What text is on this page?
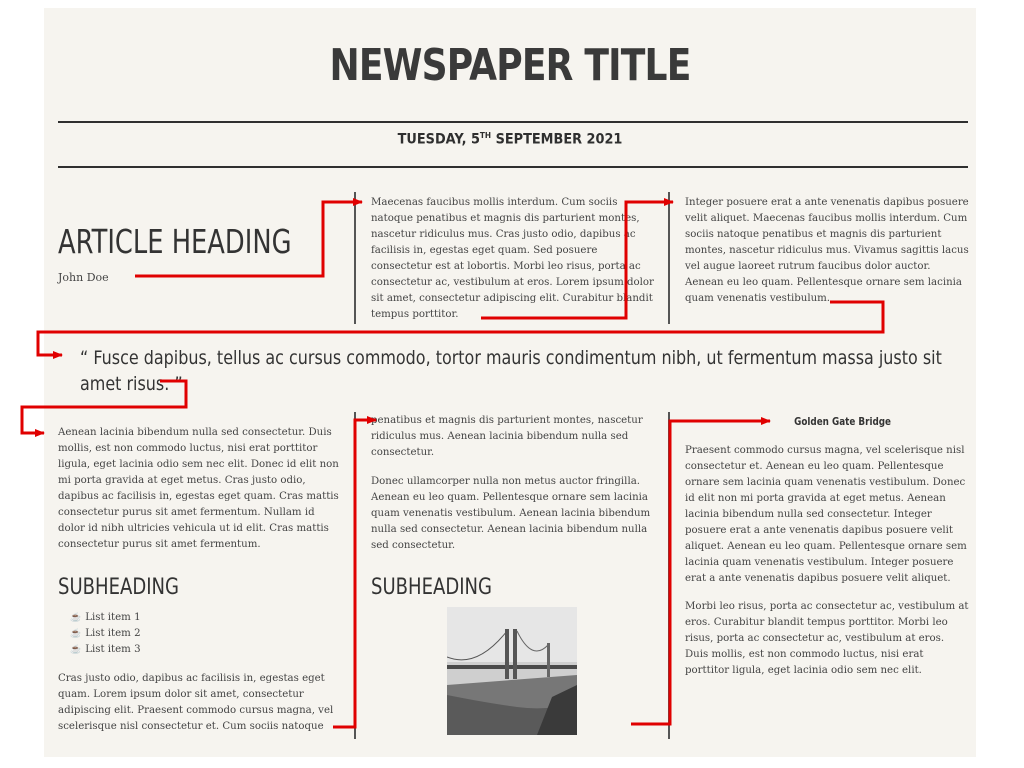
NEWSPAPER TITLE
TUESDAY, 5TH SEPTEMBER 2021
ARTICLE HEADING
John Doe
Maecenas faucibus mollis interdum. Cum sociis natoque penatibus et magnis dis parturient montes, nascetur ridiculus mus. Cras justo odio, dapibus ac facilisis in, egestas eget quam. Sed posuere consectetur est at lobortis. Morbi leo risus, porta ac consectetur ac, vestibulum at eros. Lorem ipsum dolor sit amet, consectetur adipiscing elit. Curabitur blandit tempus porttitor.
Integer posuere erat a ante venenatis dapibus posuere velit aliquet. Maecenas faucibus mollis interdum. Cum sociis natoque penatibus et magnis dis parturient montes, nascetur ridiculus mus. Vivamus sagittis lacus vel augue laoreet rutrum faucibus dolor auctor. Aenean eu leo quam. Pellentesque ornare sem lacinia quam venenatis vestibulum.
“ Fusce dapibus, tellus ac cursus commodo, tortor mauris condimentum nibh, ut fermentum massa justo sit amet risus. ”
Aenean lacinia bibendum nulla sed consectetur. Duis mollis, est non commodo luctus, nisi erat porttitor ligula, eget lacinia odio sem nec elit. Donec id elit non mi porta gravida at eget metus. Cras justo odio, dapibus ac facilisis in, egestas eget quam. Cras mattis consectetur purus sit amet fermentum. Nullam id dolor id nibh ultricies vehicula ut id elit. Cras mattis consectetur purus sit amet fermentum.
SUBHEADING
☕ List item 1
☕ List item 2
☕ List item 3
Cras justo odio, dapibus ac facilisis in, egestas eget quam. Lorem ipsum dolor sit amet, consectetur adipiscing elit. Praesent commodo cursus magna, vel scelerisque nisl consectetur et. Cum sociis natoque
penatibus et magnis dis parturient montes, nascetur ridiculus mus. Aenean lacinia bibendum nulla sed consectetur.
Donec ullamcorper nulla non metus auctor fringilla. Aenean eu leo quam. Pellentesque ornare sem lacinia quam venenatis vestibulum. Aenean lacinia bibendum nulla sed consectetur. Aenean lacinia bibendum nulla sed consectetur.
SUBHEADING
Golden Gate Bridge
Praesent commodo cursus magna, vel scelerisque nisl consectetur et. Aenean eu leo quam. Pellentesque ornare sem lacinia quam venenatis vestibulum. Donec id elit non mi porta gravida at eget metus. Aenean lacinia bibendum nulla sed consectetur. Integer posuere erat a ante venenatis dapibus posuere velit aliquet. Aenean eu leo quam. Pellentesque ornare sem lacinia quam venenatis vestibulum. Integer posuere erat a ante venenatis dapibus posuere velit aliquet.
Morbi leo risus, porta ac consectetur ac, vestibulum at eros. Curabitur blandit tempus porttitor. Morbi leo risus, porta ac consectetur ac, vestibulum at eros. Duis mollis, est non commodo luctus, nisi erat porttitor ligula, eget lacinia odio sem nec elit.
